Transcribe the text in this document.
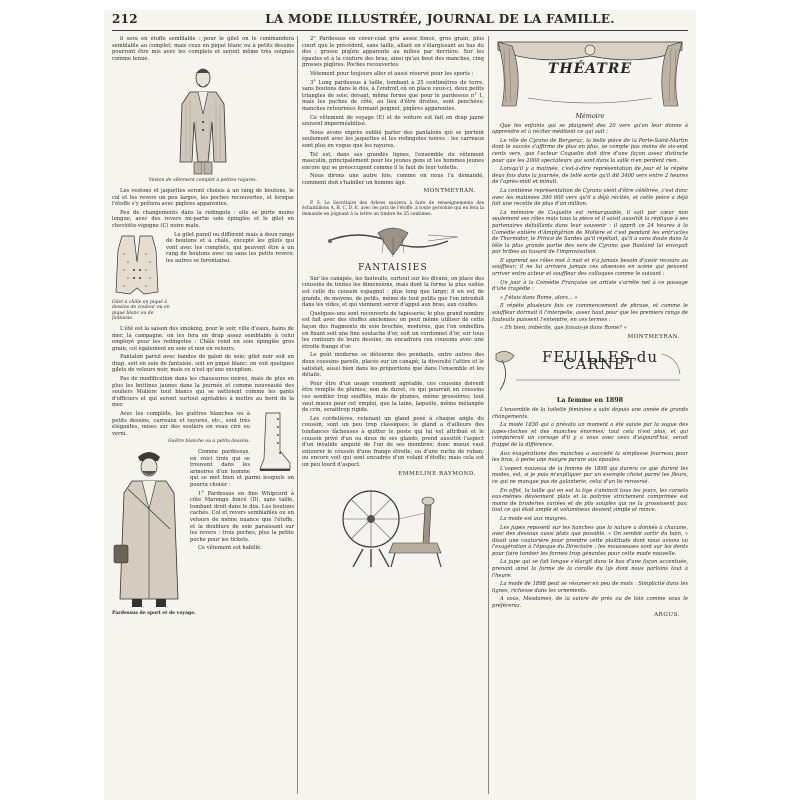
212	LA MODE ILLUSTRÉE, JOURNAL DE LA FAMILLE.

il sera en étoffe semblable : pour le gilet on le commandera semblable au complet; mais ceux en piqué blanc ou à petits dessins pourront être mis avec les complets et seront même très soignés comme tenue.

Veston de vêtement complet à petites rayures.

Les vestons et jaquettes seront choisis à un rang de boutons, le col et les revers un peu larges, les poches recouvertes, et lorsque l'étoffe s'y prêtera avec piqûres apparentes.

Peu de changements dans la redingote : elle se porte moins longue, avec des revers mi-partie soie épinglée et le gilet en cheviotte-vigogne (C) noire mate.

Le gilet pareil ou différent mais à deux rangs de boutons et à châle, excepté les gilets qui vont avec les complets, qui peuvent être à un rang de boutons avec ou sans les petits revers; les autres se ferontainsi.

Gilet à châle en piqué à dessins de couleur ou en piqué blanc ou de fantaisie.

L'été est la saison des smoking, pour le soir, ville d'eaux, bains de mer, la campagne, on les fera en drap assez semblable à celui employé pour les redingotes : Châle rond en soie épinglée gros grain, col également en soie et non en velours.

Pantalon pareil avec bandes de galon de soie; gilet noir soit en drap, soit en soie de fantaisie, soit en piqué blanc; on voit quelques gilets de velours noir, mais ce n'est qu'une exception.

Pas de modification dans les chaussures noires, mais de plus en plus les bottines jaunes dans la journée et comme nouveauté des souliers Molière tout blancs qui se nettoient comme les gants d'officiers et qui seront surtout agréables à mettre au bord de la mer.

Avec les complets, les guêtres blanches ou à petits dessins, carreaux et rayures, etc., sont très élégantes, mises sur des souliers en veau ciré ou verni.

Guêtre blanche ou à petits dessins.

Comme pardessus, en voici trois qui se trouvent dans les armoires d'un homme qui se met bien et parmi lesquels on pourra choisir :

1° Pardessus en fine Whipcord à côte Marengo foncé (D), sans taille, tombant droit dans le dos. Les boutons cachés. Col et revers semblables ou en velours de même nuance que l'étoffe, et la doublure de soie paraissant sur les revers : trois poches, plus la petite poche pour les tickets.

Ce vêtement est habillé.

Pardessus de sport et de voyage.

2° Pardessus en cover-coat gris assez foncé, gros grain, plus court que le précédent, sans taille, allant en s'élargissant au bas du dos : grosse piqûre apparente au milieu par derrière. Sur les épaules et à la couture des bras, ainsi qu'au bout des manches, cinq grosses piqûres. Poches recouvertes.

Vêtement pour toujours aller et aussi réservé pour les sports :

3° Long pardessus à taille, tombant à 25 centimètres de terre, sans boutons dans le dos, à l'endroit où on place ceux-ci, deux petits triangles de soie; devant, même forme que pour le pardessus n° 1, mais les poches de côté, au lieu d'être droites, sont penchées; manches retournées formant poignet, piqûres apparentes.

Ce vêtement de voyage (E) et de voiture est fait en drap jaune souvent imperméabilisé.

Nous avons exprès oublié parler des pantalons qui se portent seulement avec les jaquettes et les redingotes noires : les carreaux sont plus en vogue que les rayures.

Tel est, dans ses grandes lignes, l'ensemble du vêtement masculin, principalement pour les jeunes gens et les hommes jeunes encore qui se préoccupent comme il le faut de leur toilette.

Nous dirons une autre fois, comme on nous l'a demandé, comment doit s'habiller un homme âgé.

MONTMEYRAN.

P. S. Le Secrétaire des Arbres sauvera à faire de renseignements des échantillons A, B, C, D, E, avec les prix de l'étoffe, à toute personne qui en fera la demande en joignant à la lettre un timbre de 25 centimes.

FANTAISIES

Sur les canapés, les fauteuils, surtout sur les divans, on place des coussins de toutes les dimensions, mais dont la forme la plus usitée est celle du coussin espagnol : plus long que large; il en est de grands, de moyens, de petits, même de tout petits que l'on introduit dans les vides, et qui viennent servir d'appui aux bras, aux coudes.

Quelques-uns sont recouverts de tapisserie; le plus grand nombre est fait avec des étoffes anciennes; on peut même utiliser de cette façon des fragments de soie brochée, moderne, que l'on embellira en fixant soit une fine soutache d'or, soit un cordonnet d'or, sur tous les contours de leurs dessins; on encadrera ces coussins avec une étroite frange d'or.

Le goût moderne se détourne des pendants, entre autres des deux coussins pareils, placés sur un canapé; la diversité l'attire et le satisfait, aussi bien dans les proportions que dans l'ensemble et les détails.

Pour être d'un usage vraiment agréable, ces coussins doivent être remplis de plumes; non de duvet, ce qui pourrait en coussins ces sembler trop soufflés, mais de plumes, même grossières; tout vaut mieux pour cet emploi, que la laine, laquelle, même mélangée de crin, seraittrop rigide.

Les cordelières, retenant un gland posé à chaque angle du coussin, sont un peu trop classiques; le gland a d'ailleurs des tendances fâcheuses à quitter le poste qui lui est attribué et le coussin privé d'un ou deux de ses glands, prend aussitôt l'aspect d'un invalide amputé de l'un de ses membres; donc mieux vaut entourer le coussin d'une frange étroite, ou d'une ruche de ruban; ou encore voit qui sont encadrés d'un volant d'étoffe; mais cela est un peu lourd d'aspect.

EMMELINE RAYMOND.

THÉATRE

Mémoire

Que les enfants qui se plaignent des 20 vers qu'on leur donne à apprendre et à réciter méditent ce qui suit :

Le rôle de Cyrano de Bergerac, la belle pièce de la Porte-Saint-Martin dont le succès s'affirme de plus en plus, se compte pas moins de six-sept cents vers, que l'acteur Coquelin doit dire d'une façon assez distincte pour que les 2000 spectateurs qui sont dans la salle n'en perdent rien.

Lorsqu'il y a matinée, c'est-à-dire représentation de jour et le répète deux fois dans la journée, de telle sorte qu'il dit 3400 vers entre 2 heures de l'après-midi et minuit.

La centième représentation de Cyrano vient d'être célébrée, c'est donc avec les matinées 390 000 vers qu'il a déjà récités, et cette pièce a déjà fait une recette de plus d'un million.

La mémoire de Coquelin est remarquable, il sait par cœur non seulement ses rôles mais tous la pièce et il saisit aussitôt la réplique à ses partenaires défaillants dans leur souvenir : il apprit ce 24 heures à la Comédie entière d'Amphytrion de Molière et c'est pendant les entr'actes de Thermidor, le Prince de Sardes qu'il répétait, qu'il a sans doute dans la tête la plus grande partie des vers de Cyrano que Rostand lui envoyait par bribes au hasard de l'improvisation.

Il apprend ses rôles mot à mot et n'a jamais besoin d'avoir recours au souffleur; il ne lui arrivera jamais ces absences en scène qui peuvent arriver entre acteur et souffleur des colloques comme le suivant :

Un jour à la Comédie Française un artiste s'arrête net à ce passage d'une tragédie :

« J'étais dans Rome, alors... »

Il répète plusieurs fois ce commencement de phrase, et comme le souffleur dormait il l'interpelle, assez haut pour que les premiers rangs de fauteuils puissent l'entendre, en ces termes :

« Eh bien, imbécile, que faisais-je dans Rome? »

MONTMEYRAN.

FEUILLES du CARNET

La femme en 1898

L'ensemble de la toilette féminine a subi depuis une année de grands changements.

La mode 1830 qui a prévalu un moment a été suivie par la vogue des jupes-cloches et des manches énormes; tout cela n'est plus, et qui comparerait un corsage d'il y a vous avec ceux d'aujourd'hui, serait frappé de la différence.

Aux exagérations des manches a succédé la simplesse fourreau pour les bras, à peine une maigre parure aux épaules.

L'aspect nouveau de la femme de 1898 qui durera ce que durent les modes, est, si je puis m'expliquer par un exemple choisi parmi les fleurs, ce qui ne manque pas de galanterie, celui d'un lis renversé.

En effet, la taille qui en est la tige s'amincit tous les jours, les corsets eux-mêmes deviennent plats et la poitrine strictement comprimée est moins de broderies variées et de plis souples qui ne la grossissent pas; tout ce qui était ample et volumineux devient simple et mince.

La mode est aux maigres.

Les jupes reposent sur les hanches que la nature a donnés à chacune, avec des dessous aussi plats que possible. « On semble sortir du bain, » disait une couturière pour prendre cette plaititude dont nous avions vu l'exagération à l'époque du Directoire : les mousseuses sont sur les dents pour faire tomber les formes trop génantes pour cette mode nouvelle.

La jupe qui se fait longue s'élargit dans le bas d'une façon accentuée, prenant ainsi la forme de la corolle du lys dont nous parlions tout à l'heure.

La mode de 1898 peut se résumer en peu de mots : Simplicité dans les lignes, richesse dans les ornements.

A vous, Mesdames, de la suivre de près ou de loin comme vous le préférerez.

ARGUS.
